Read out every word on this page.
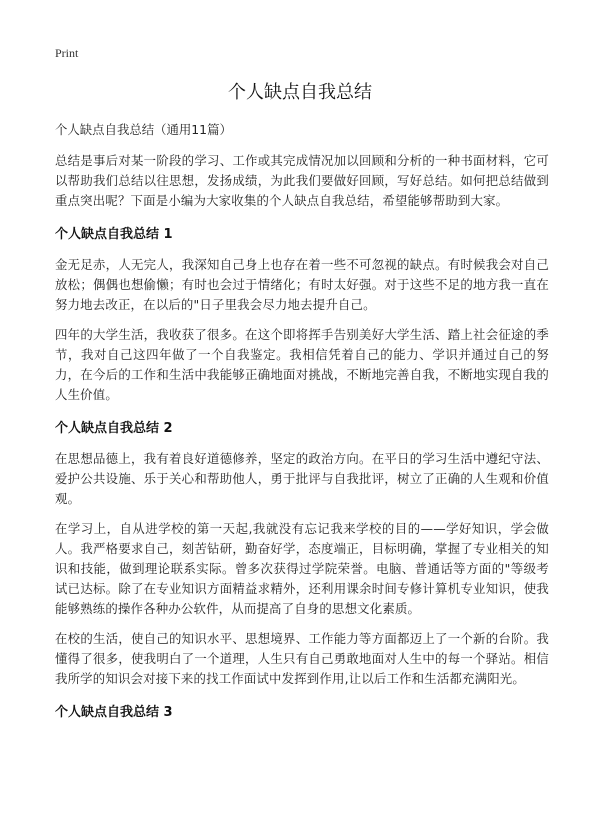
Print
个人缺点自我总结

个人缺点自我总结（通用11篇）

总结是事后对某一阶段的学习、工作或其完成情况加以回顾和分析的一种书面材料，它可以帮助我们总结以往思想，发扬成绩，为此我们要做好回顾，写好总结。如何把总结做到重点突出呢？下面是小编为大家收集的个人缺点自我总结，希望能够帮助到大家。

个人缺点自我总结 1

金无足赤，人无完人，我深知自己身上也存在着一些不可忽视的缺点。有时候我会对自己放松；偶偶也想偷懒；有时也会过于情绪化；有时太好强。对于这些不足的地方我一直在努力地去改正，在以后的"日子里我会尽力地去提升自己。

四年的大学生活，我收获了很多。在这个即将挥手告别美好大学生活、踏上社会征途的季节，我对自己这四年做了一个自我鉴定。我相信凭着自己的能力、学识并通过自己的努力，在今后的工作和生活中我能够正确地面对挑战，不断地完善自我，不断地实现自我的人生价值。

个人缺点自我总结 2

在思想品德上，我有着良好道德修养，坚定的政治方向。在平日的学习生活中遵纪守法、爱护公共设施、乐于关心和帮助他人，勇于批评与自我批评，树立了正确的人生观和价值观。

在学习上，自从进学校的第一天起,我就没有忘记我来学校的目的——学好知识，学会做人。我严格要求自己，刻苦钻研，勤奋好学，态度端正，目标明确，掌握了专业相关的知识和技能，做到理论联系实际。曾多次获得过学院荣誉。电脑、普通话等方面的"等级考试已达标。除了在专业知识方面精益求精外，还利用课余时间专修计算机专业知识，使我能够熟练的操作各种办公软件，从而提高了自身的思想文化素质。

在校的生活，使自己的知识水平、思想境界、工作能力等方面都迈上了一个新的台阶。我懂得了很多，使我明白了一个道理，人生只有自己勇敢地面对人生中的每一个驿站。相信我所学的知识会对接下来的找工作面试中发挥到作用,让以后工作和生活都充满阳光。

个人缺点自我总结 3
